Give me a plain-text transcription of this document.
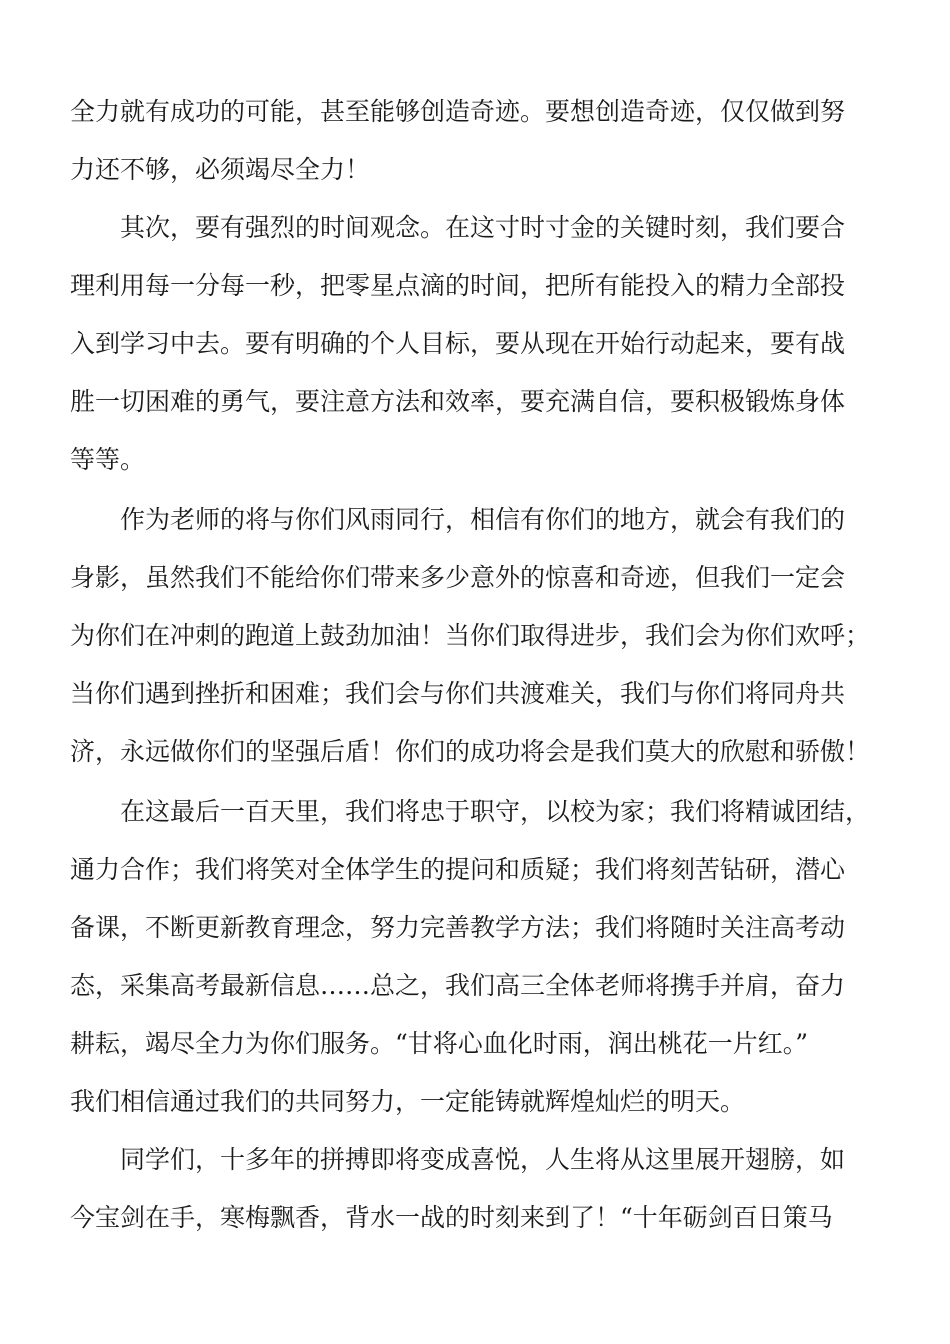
全力就有成功的可能，甚至能够创造奇迹。要想创造奇迹，仅仅做到努
力还不够，必须竭尽全力！
其次，要有强烈的时间观念。在这寸时寸金的关键时刻，我们要合
理利用每一分每一秒，把零星点滴的时间，把所有能投入的精力全部投
入到学习中去。要有明确的个人目标，要从现在开始行动起来，要有战
胜一切困难的勇气，要注意方法和效率，要充满自信，要积极锻炼身体
等等。
作为老师的将与你们风雨同行，相信有你们的地方，就会有我们的
身影，虽然我们不能给你们带来多少意外的惊喜和奇迹，但我们一定会
为你们在冲刺的跑道上鼓劲加油！当你们取得进步，我们会为你们欢呼；
当你们遇到挫折和困难；我们会与你们共渡难关，我们与你们将同舟共
济，永远做你们的坚强后盾！你们的成功将会是我们莫大的欣慰和骄傲！
在这最后一百天里，我们将忠于职守，以校为家；我们将精诚团结，
通力合作；我们将笑对全体学生的提问和质疑；我们将刻苦钻研，潜心
备课，不断更新教育理念，努力完善教学方法；我们将随时关注高考动
态，采集高考最新信息……总之，我们高三全体老师将携手并肩，奋力
耕耘，竭尽全力为你们服务。“甘将心血化时雨，润出桃花一片红。”
我们相信通过我们的共同努力，一定能铸就辉煌灿烂的明天。
同学们，十多年的拼搏即将变成喜悦，人生将从这里展开翅膀，如
今宝剑在手，寒梅飘香，背水一战的时刻来到了！“十年砺剑百日策马
